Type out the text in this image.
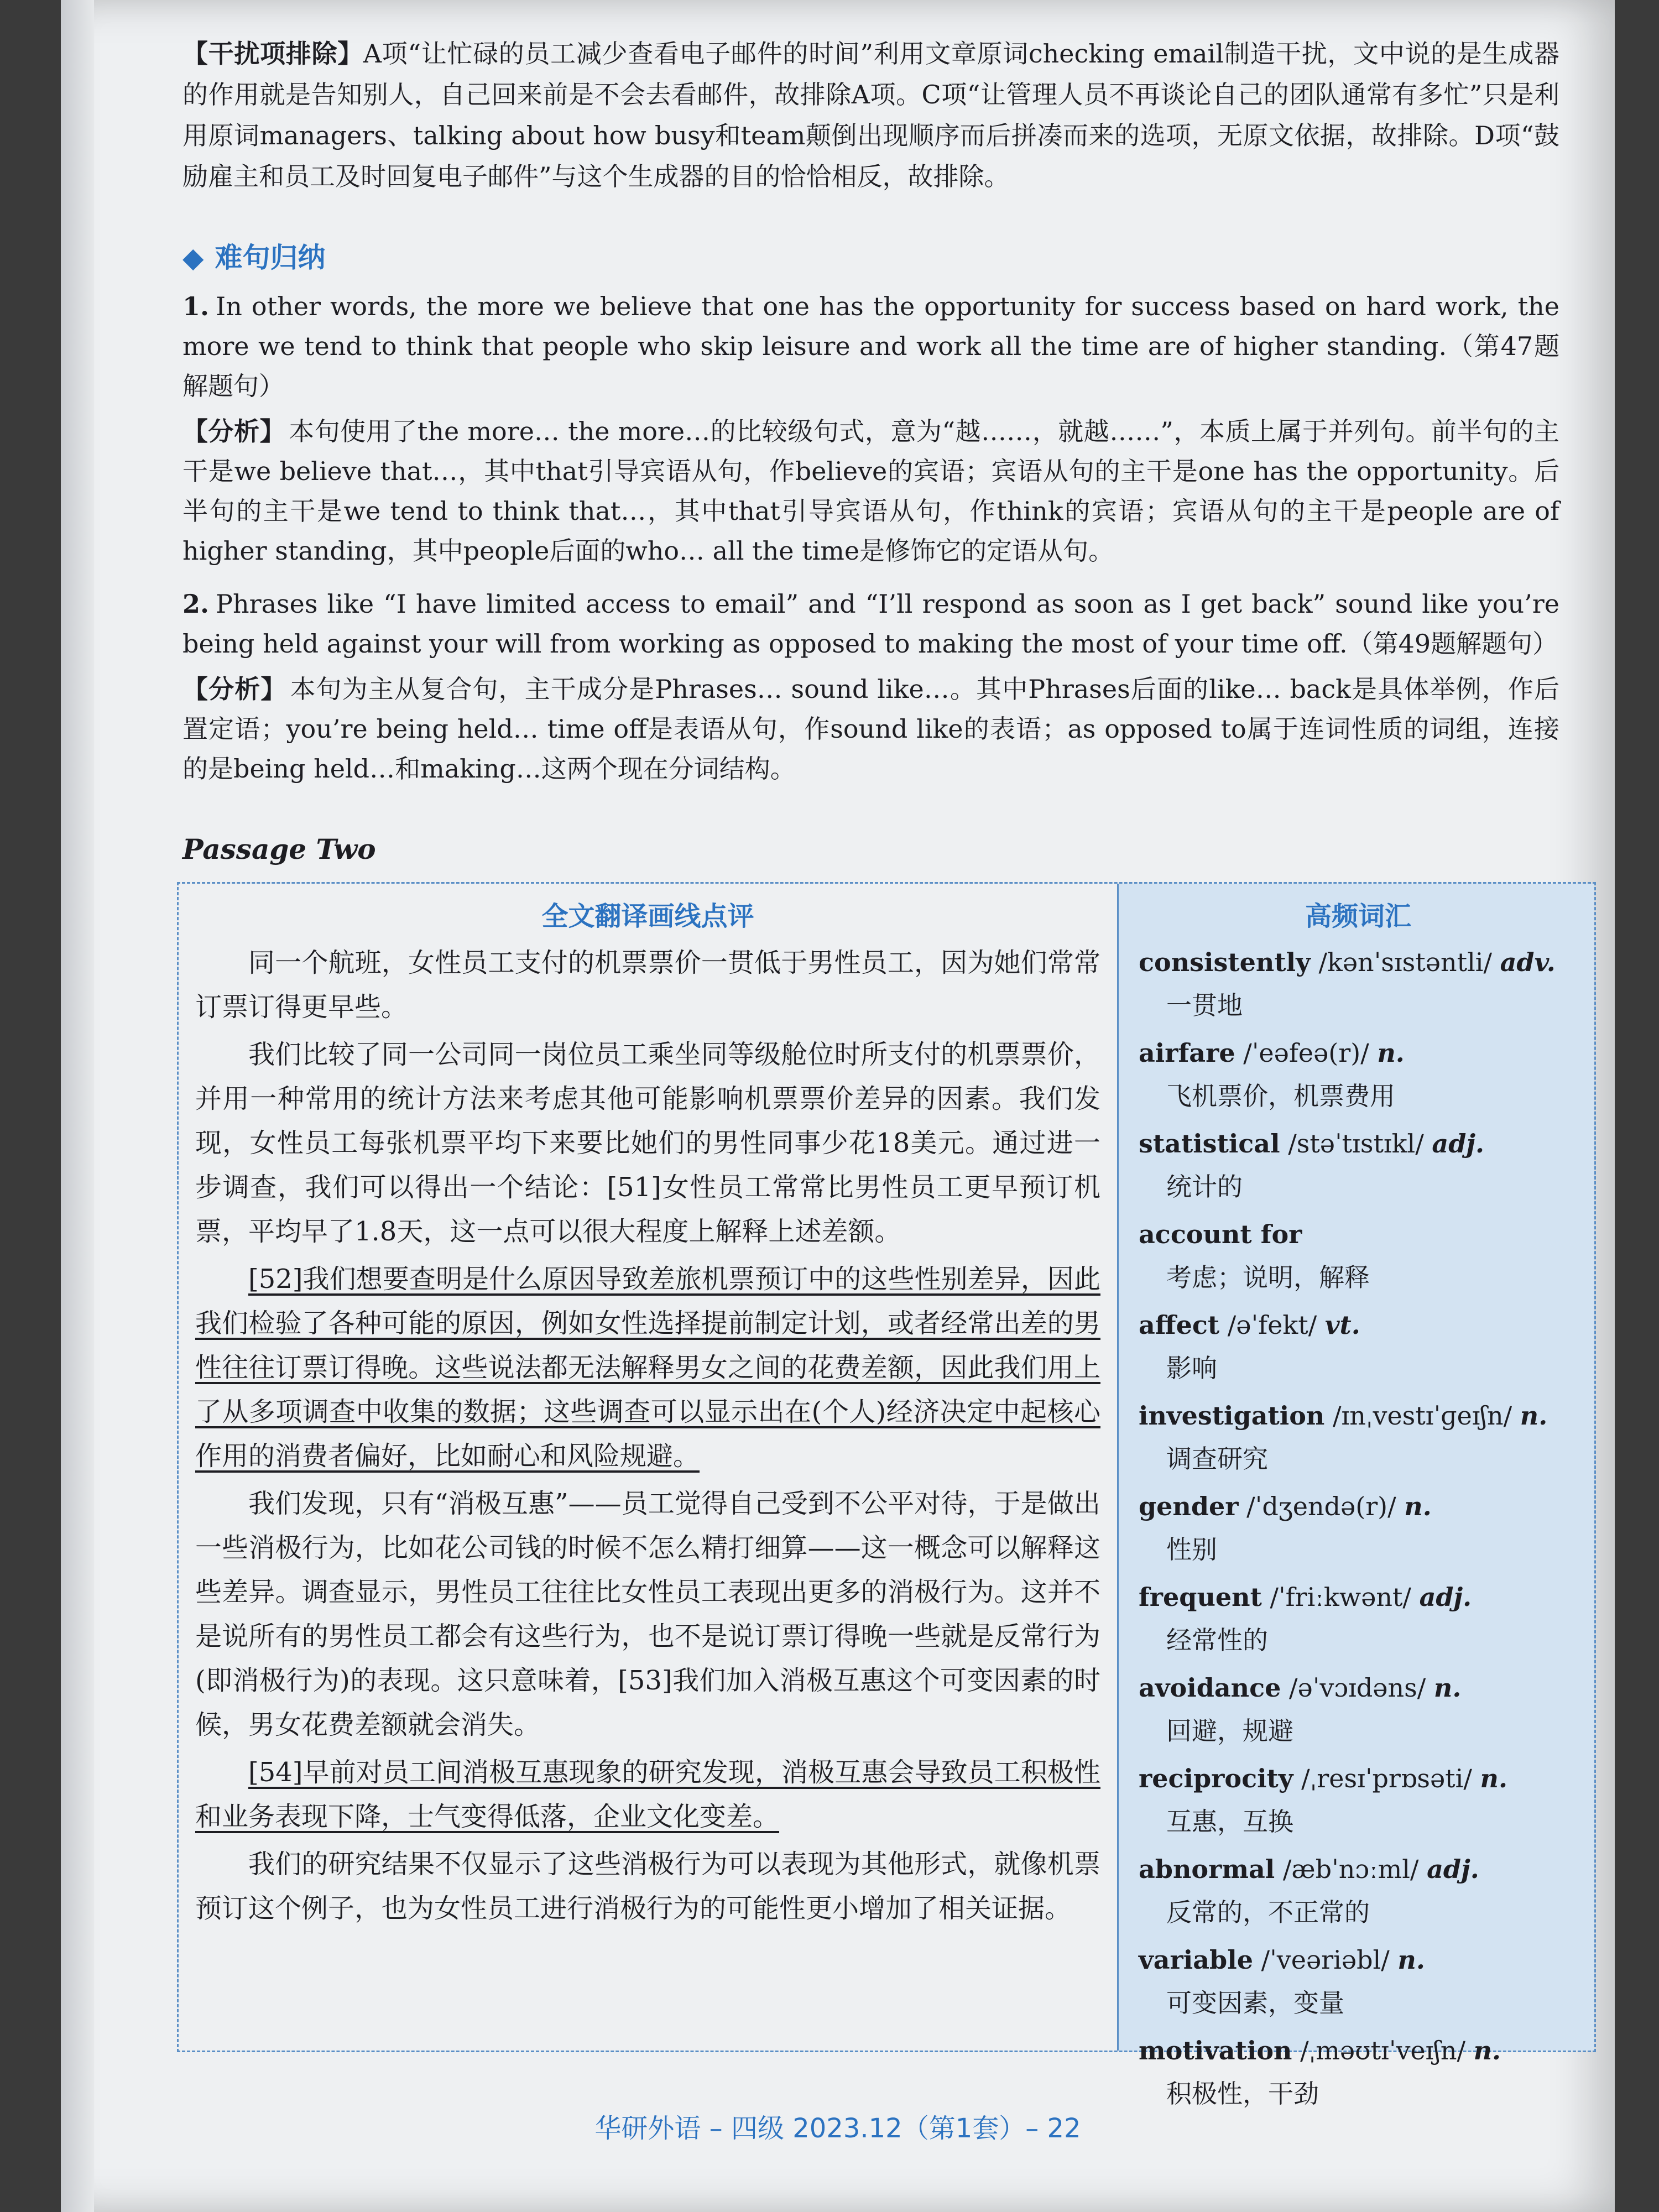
【干扰项排除】A项“让忙碌的员工减少查看电子邮件的时间”利用文章原词checking email制造干扰，文中说的是生成器的作用就是告知别人，自己回来前是不会去看邮件，故排除A项。C项“让管理人员不再谈论自己的团队通常有多忙”只是利用原词managers、talking about how busy和team颠倒出现顺序而后拼凑而来的选项，无原文依据，故排除。D项“鼓励雇主和员工及时回复电子邮件”与这个生成器的目的恰恰相反，故排除。

◆ 难句归纳

1. In other words, the more we believe that one has the opportunity for success based on hard work, the more we tend to think that people who skip leisure and work all the time are of higher standing.（第47题解题句）

【分析】 本句使用了the more… the more…的比较级句式，意为“越……，就越……”，本质上属于并列句。前半句的主干是we believe that…，其中that引导宾语从句，作believe的宾语；宾语从句的主干是one has the opportunity。后半句的主干是we tend to think that…，其中that引导宾语从句，作think的宾语；宾语从句的主干是people are of higher standing，其中people后面的who… all the time是修饰它的定语从句。

2. Phrases like “I have limited access to email” and “I’ll respond as soon as I get back” sound like you’re being held against your will from working as opposed to making the most of your time off.（第49题解题句）

【分析】 本句为主从复合句，主干成分是Phrases… sound like…。其中Phrases后面的like… back是具体举例，作后置定语；you’re being held… time off是表语从句，作sound like的表语；as opposed to属于连词性质的词组，连接的是being held…和making…这两个现在分词结构。

Passage Two
全文翻译画线点评

同一个航班，女性员工支付的机票票价一贯低于男性员工，因为她们常常订票订得更早些。

我们比较了同一公司同一岗位员工乘坐同等级舱位时所支付的机票票价，并用一种常用的统计方法来考虑其他可能影响机票票价差异的因素。我们发现，女性员工每张机票平均下来要比她们的男性同事少花18美元。通过进一步调查，我们可以得出一个结论：[51]女性员工常常比男性员工更早预订机票，平均早了1.8天，这一点可以很大程度上解释上述差额。

[52]我们想要查明是什么原因导致差旅机票预订中的这些性别差异，因此我们检验了各种可能的原因，例如女性选择提前制定计划，或者经常出差的男性往往订票订得晚。这些说法都无法解释男女之间的花费差额，因此我们用上了从多项调查中收集的数据；这些调查可以显示出在(个人)经济决定中起核心作用的消费者偏好，比如耐心和风险规避。

我们发现，只有“消极互惠”——员工觉得自己受到不公平对待，于是做出一些消极行为，比如花公司钱的时候不怎么精打细算——这一概念可以解释这些差异。调查显示，男性员工往往比女性员工表现出更多的消极行为。这并不是说所有的男性员工都会有这些行为，也不是说订票订得晚一些就是反常行为(即消极行为)的表现。这只意味着，[53]我们加入消极互惠这个可变因素的时候，男女花费差额就会消失。

[54]早前对员工间消极互惠现象的研究发现，消极互惠会导致员工积极性和业务表现下降，士气变得低落，企业文化变差。

我们的研究结果不仅显示了这些消极行为可以表现为其他形式，就像机票预订这个例子，也为女性员工进行消极行为的可能性更小增加了相关证据。

高频词汇

consistently /kənˈsɪstəntli/ adv.
一贯地

airfare /ˈeəfeə(r)/ n.
飞机票价，机票费用

statistical /stəˈtɪstɪkl/ adj.
统计的

account for
考虑；说明，解释

affect /əˈfekt/ vt.
影响

investigation /ɪnˌvestɪˈɡeɪʃn/ n.
调查研究

gender /ˈdʒendə(r)/ n.
性别

frequent /ˈfriːkwənt/ adj.
经常性的

avoidance /əˈvɔɪdəns/ n.
回避，规避

reciprocity /ˌresɪˈprɒsəti/ n.
互惠，互换

abnormal /æbˈnɔːml/ adj.
反常的，不正常的

variable /ˈveəriəbl/ n.
可变因素，变量

motivation /ˌməʊtɪˈveɪʃn/ n.
积极性，干劲

华研外语 – 四级 2023.12（第1套）– 22
